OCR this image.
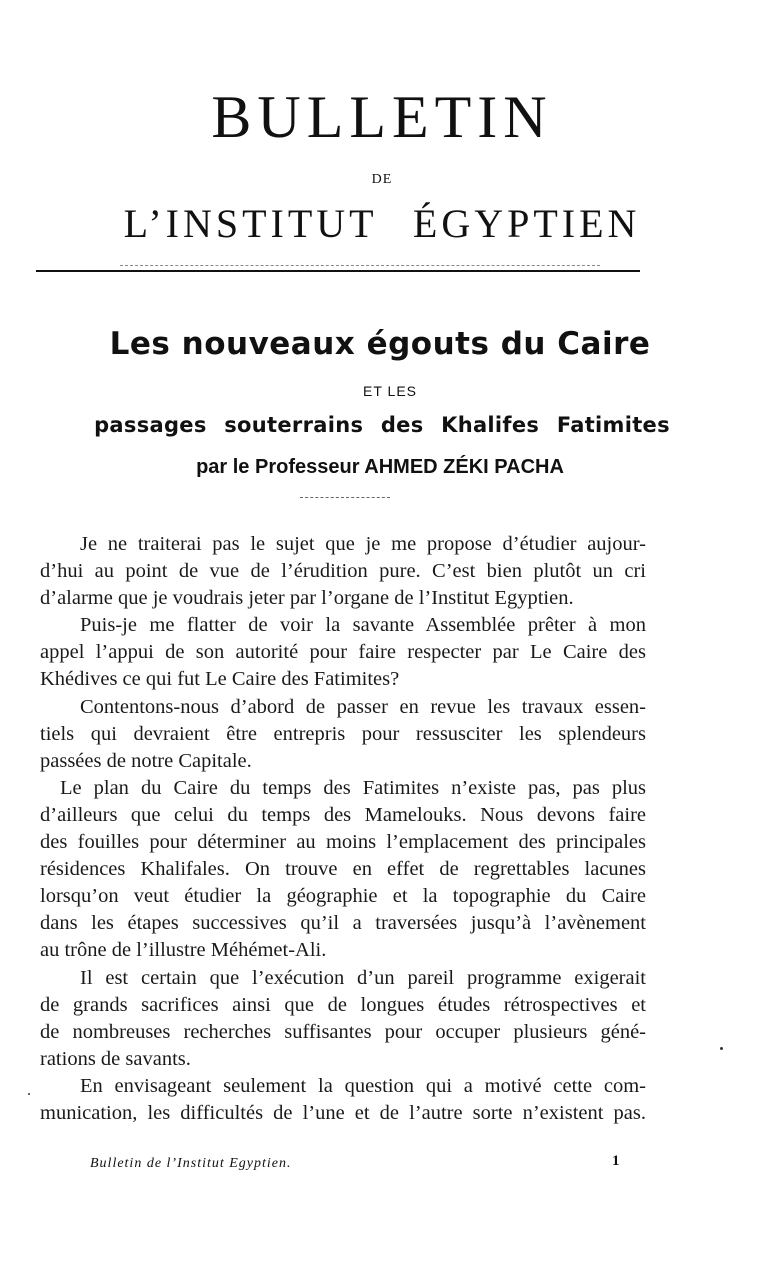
BULLETIN
DE
L’INSTITUT ÉGYPTIEN
Les nouveaux égouts du Caire
ET LES
passages souterrains des Khalifes Fatimites
par le Professeur AHMED ZÉKI PACHA

Je ne traiterai pas le sujet que je me propose d’étudier aujour-
d’hui au point de vue de l’érudition pure. C’est bien plutôt un cri
d’alarme que je voudrais jeter par l’organe de l’Institut Egyptien.

Puis-je me flatter de voir la savante Assemblée prêter à mon
appel l’appui de son autorité pour faire respecter par Le Caire des
Khédives ce qui fut Le Caire des Fatimites?

Contentons-nous d’abord de passer en revue les travaux essen-
tiels qui devraient être entrepris pour ressusciter les splendeurs
passées de notre Capitale.

Le plan du Caire du temps des Fatimites n’existe pas, pas plus
d’ailleurs que celui du temps des Mamelouks. Nous devons faire
des fouilles pour déterminer au moins l’emplacement des principales
résidences Khalifales. On trouve en effet de regrettables lacunes
lorsqu’on veut étudier la géographie et la topographie du Caire
dans les étapes successives qu’il a traversées jusqu’à l’avènement
au trône de l’illustre Méhémet-Ali.

Il est certain que l’exécution d’un pareil programme exigerait
de grands sacrifices ainsi que de longues études rétrospectives et
de nombreuses recherches suffisantes pour occuper plusieurs géné-
rations de savants.

En envisageant seulement la question qui a motivé cette com-
munication, les difficultés de l’une et de l’autre sorte n’existent pas.

Bulletin de l’Institut Egyptien.	1
